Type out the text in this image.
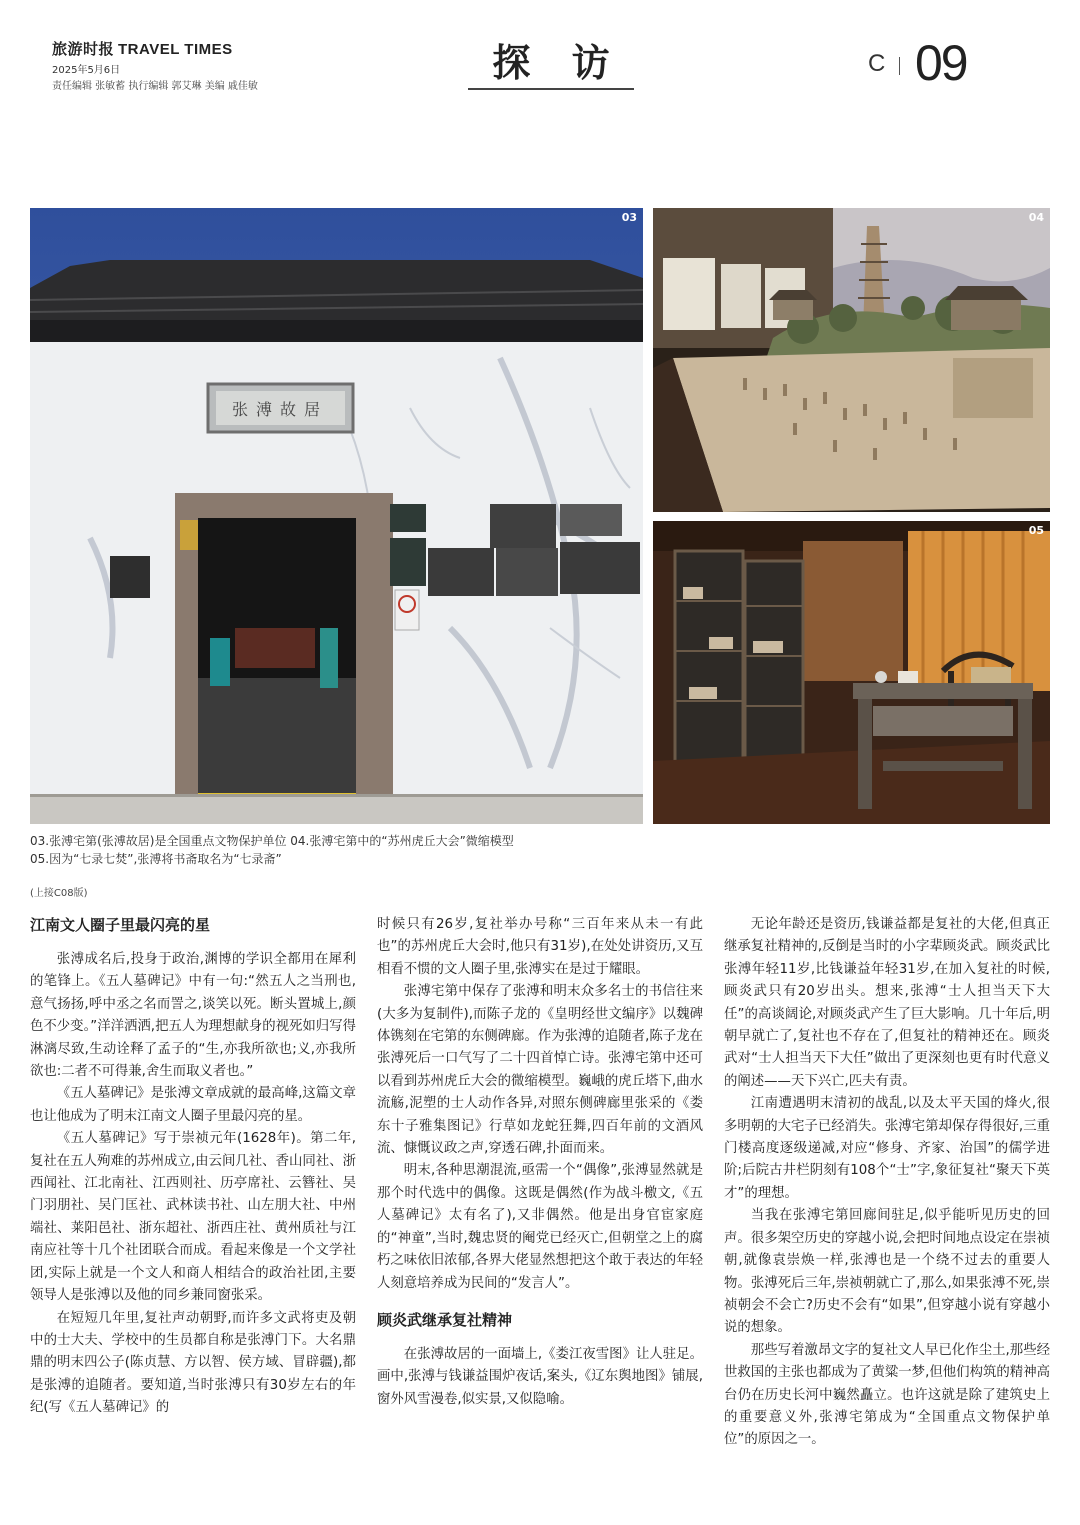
旅游时报 TRAVEL TIMES
2025年5月6日
责任编辑 张敏蓄 执行编辑 郭艾琳 美编 戚佳敏
探 访	C 09
张溥故居
03	04
05
03.张溥宅第(张溥故居)是全国重点文物保护单位 04.张溥宅第中的“苏州虎丘大会”微缩模型
05.因为“七录七焚”,张溥将书斋取名为“七录斋”
(上接C08版)
江南文人圈子里最闪亮的星

张溥成名后,投身于政治,渊博的学识全都用在犀利的笔锋上。《五人墓碑记》中有一句:“然五人之当刑也,意气扬扬,呼中丞之名而詈之,谈笑以死。断头置城上,颜色不少变。”洋洋洒洒,把五人为理想献身的视死如归写得淋漓尽致,生动诠释了孟子的“生,亦我所欲也;义,亦我所欲也:二者不可得兼,舍生而取义者也。”

《五人墓碑记》是张溥文章成就的最高峰,这篇文章也让他成为了明末江南文人圈子里最闪亮的星。

《五人墓碑记》写于崇祯元年(1628年)。第二年,复社在五人殉难的苏州成立,由云间几社、香山同社、浙西闻社、江北南社、江西则社、历亭席社、云簪社、吴门羽朋社、吴门匡社、武林读书社、山左朋大社、中州端社、莱阳邑社、浙东超社、浙西庄社、黄州质社与江南应社等十几个社团联合而成。看起来像是一个文学社团,实际上就是一个文人和商人相结合的政治社团,主要领导人是张溥以及他的同乡兼同窗张采。

在短短几年里,复社声动朝野,而许多文武将吏及朝中的士大夫、学校中的生员都自称是张溥门下。大名鼎鼎的明末四公子(陈贞慧、方以智、侯方域、冒辟疆),都是张溥的追随者。要知道,当时张溥只有30岁左右的年纪(写《五人墓碑记》的

时候只有26岁,复社举办号称“三百年来从未一有此也”的苏州虎丘大会时,他只有31岁),在处处讲资历,又互相看不惯的文人圈子里,张溥实在是过于耀眼。

张溥宅第中保存了张溥和明末众多名士的书信往来(大多为复制件),而陈子龙的《皇明经世文编序》以魏碑体镌刻在宅第的东侧碑廊。作为张溥的追随者,陈子龙在张溥死后一口气写了二十四首悼亡诗。张溥宅第中还可以看到苏州虎丘大会的微缩模型。巍峨的虎丘塔下,曲水流觞,泥塑的士人动作各异,对照东侧碑廊里张采的《娄东十子雅集图记》行草如龙蛇狂舞,四百年前的文酒风流、慷慨议政之声,穿透石碑,扑面而来。

明末,各种思潮混流,亟需一个“偶像”,张溥显然就是那个时代选中的偶像。这既是偶然(作为战斗檄文,《五人墓碑记》太有名了),又非偶然。他是出身官宦家庭的“神童”,当时,魏忠贤的阉党已经灭亡,但朝堂之上的腐朽之味依旧浓郁,各界大佬显然想把这个敢于表达的年轻人刻意培养成为民间的“发言人”。

顾炎武继承复社精神

在张溥故居的一面墙上,《娄江夜雪图》让人驻足。画中,张溥与钱谦益围炉夜话,案头,《辽东舆地图》铺展,窗外风雪漫卷,似实景,又似隐喻。

无论年龄还是资历,钱谦益都是复社的大佬,但真正继承复社精神的,反倒是当时的小字辈顾炎武。顾炎武比张溥年轻11岁,比钱谦益年轻31岁,在加入复社的时候,顾炎武只有20岁出头。想来,张溥“士人担当天下大任”的高谈阔论,对顾炎武产生了巨大影响。几十年后,明朝早就亡了,复社也不存在了,但复社的精神还在。顾炎武对“士人担当天下大任”做出了更深刻也更有时代意义的阐述——天下兴亡,匹夫有责。

江南遭遇明末清初的战乱,以及太平天国的烽火,很多明朝的大宅子已经消失。张溥宅第却保存得很好,三重门楼高度逐级递减,对应“修身、齐家、治国”的儒学进阶;后院古井栏阴刻有108个“士”字,象征复社“聚天下英才”的理想。

当我在张溥宅第回廊间驻足,似乎能听见历史的回声。很多架空历史的穿越小说,会把时间地点设定在崇祯朝,就像袁崇焕一样,张溥也是一个绕不过去的重要人物。张溥死后三年,崇祯朝就亡了,那么,如果张溥不死,崇祯朝会不会亡?历史不会有“如果”,但穿越小说有穿越小说的想象。

那些写着激昂文字的复社文人早已化作尘土,那些经世救国的主张也都成为了黄粱一梦,但他们构筑的精神高台仍在历史长河中巍然矗立。也许这就是除了建筑史上的重要意义外,张溥宅第成为“全国重点文物保护单位”的原因之一。
